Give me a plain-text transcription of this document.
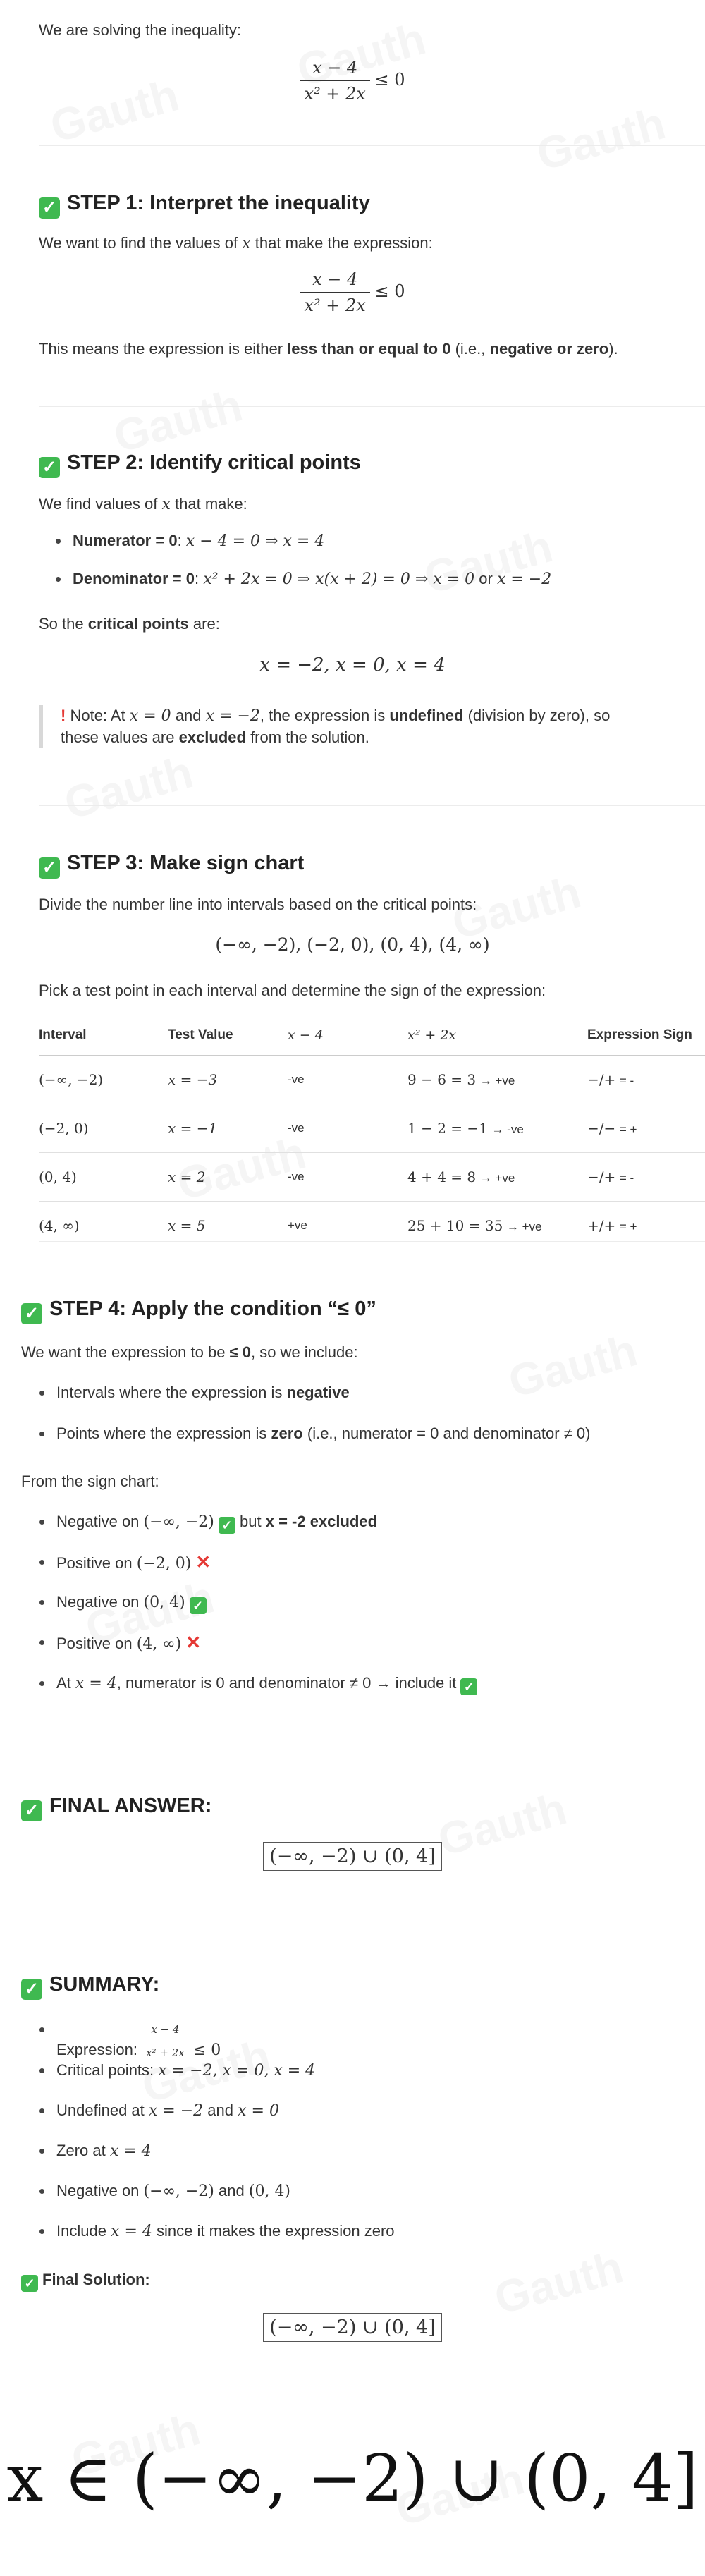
We are solving the inequality:
$\frac{x - 4}{\text{x² + 2x}} \le 0$
✓ STEP 1: Interpret the inequality
We want to find the values of x that make the expression:
$\frac{x - 4}{\text{x² + 2x}} \le 0$
This means the expression is either less than or equal to 0 (i.e., negative or zero).
✓ STEP 2: Identify critical points
We find values of x that make:
Numerator = 0: x − 4 = 0 ⇒ x = 4
Denominator = 0: x² + 2x = 0 ⇒ x(x + 2) = 0 ⇒ x = 0 or x = −2
So the critical points are:
x = −2, x = 0, x = 4
! Note: At x = 0 and x = −2, the expression is undefined (division by zero), so
these values are excluded from the solution.
✓ STEP 3: Make sign chart
Divide the number line into intervals based on the critical points:
(−∞, −2), (−2, 0), (0, 4), (4, ∞)
Pick a test point in each interval and determine the sign of the expression:
Interval	Test Value	x − 4	x² + 2x	Expression Sign
(−∞, −2)	x = −3	-ve	9 − 6 = 3 → +ve	−/+ = -
(−2, 0)	x = −1	-ve	1 − 2 = −1 → -ve	−/− = +
(0, 4)	x = 2	-ve	4 + 4 = 8 → +ve	−/+ = -
(4, ∞)	x = 5	+ve	25 + 10 = 35 → +ve	+/+ = +
✓ STEP 4: Apply the condition “≤ 0”
We want the expression to be ≤ 0, so we include:
Intervals where the expression is negative
Points where the expression is zero (i.e., numerator = 0 and denominator ≠ 0)
From the sign chart:
Negative on (−∞, −2) ✓ but x = -2 excluded
Positive on (−2, 0) ✕
Negative on (0, 4) ✓
Positive on (4, ∞) ✕
At x = 4, numerator is 0 and denominator ≠ 0 → include it ✓
✓ FINAL ANSWER:
(−∞, −2) ∪ (0, 4]
✓ SUMMARY:
Expression: $\frac{x - 4}{\text{x² + 2x}} \le 0$
Critical points: x = −2, x = 0, x = 4
Undefined at x = −2 and x = 0
Zero at x = 4
Negative on (−∞, −2) and (0, 4)
Include x = 4 since it makes the expression zero
✓ Final Solution:
(−∞, −2) ∪ (0, 4]
x ∈ (−∞, −2) ∪ (0, 4]
